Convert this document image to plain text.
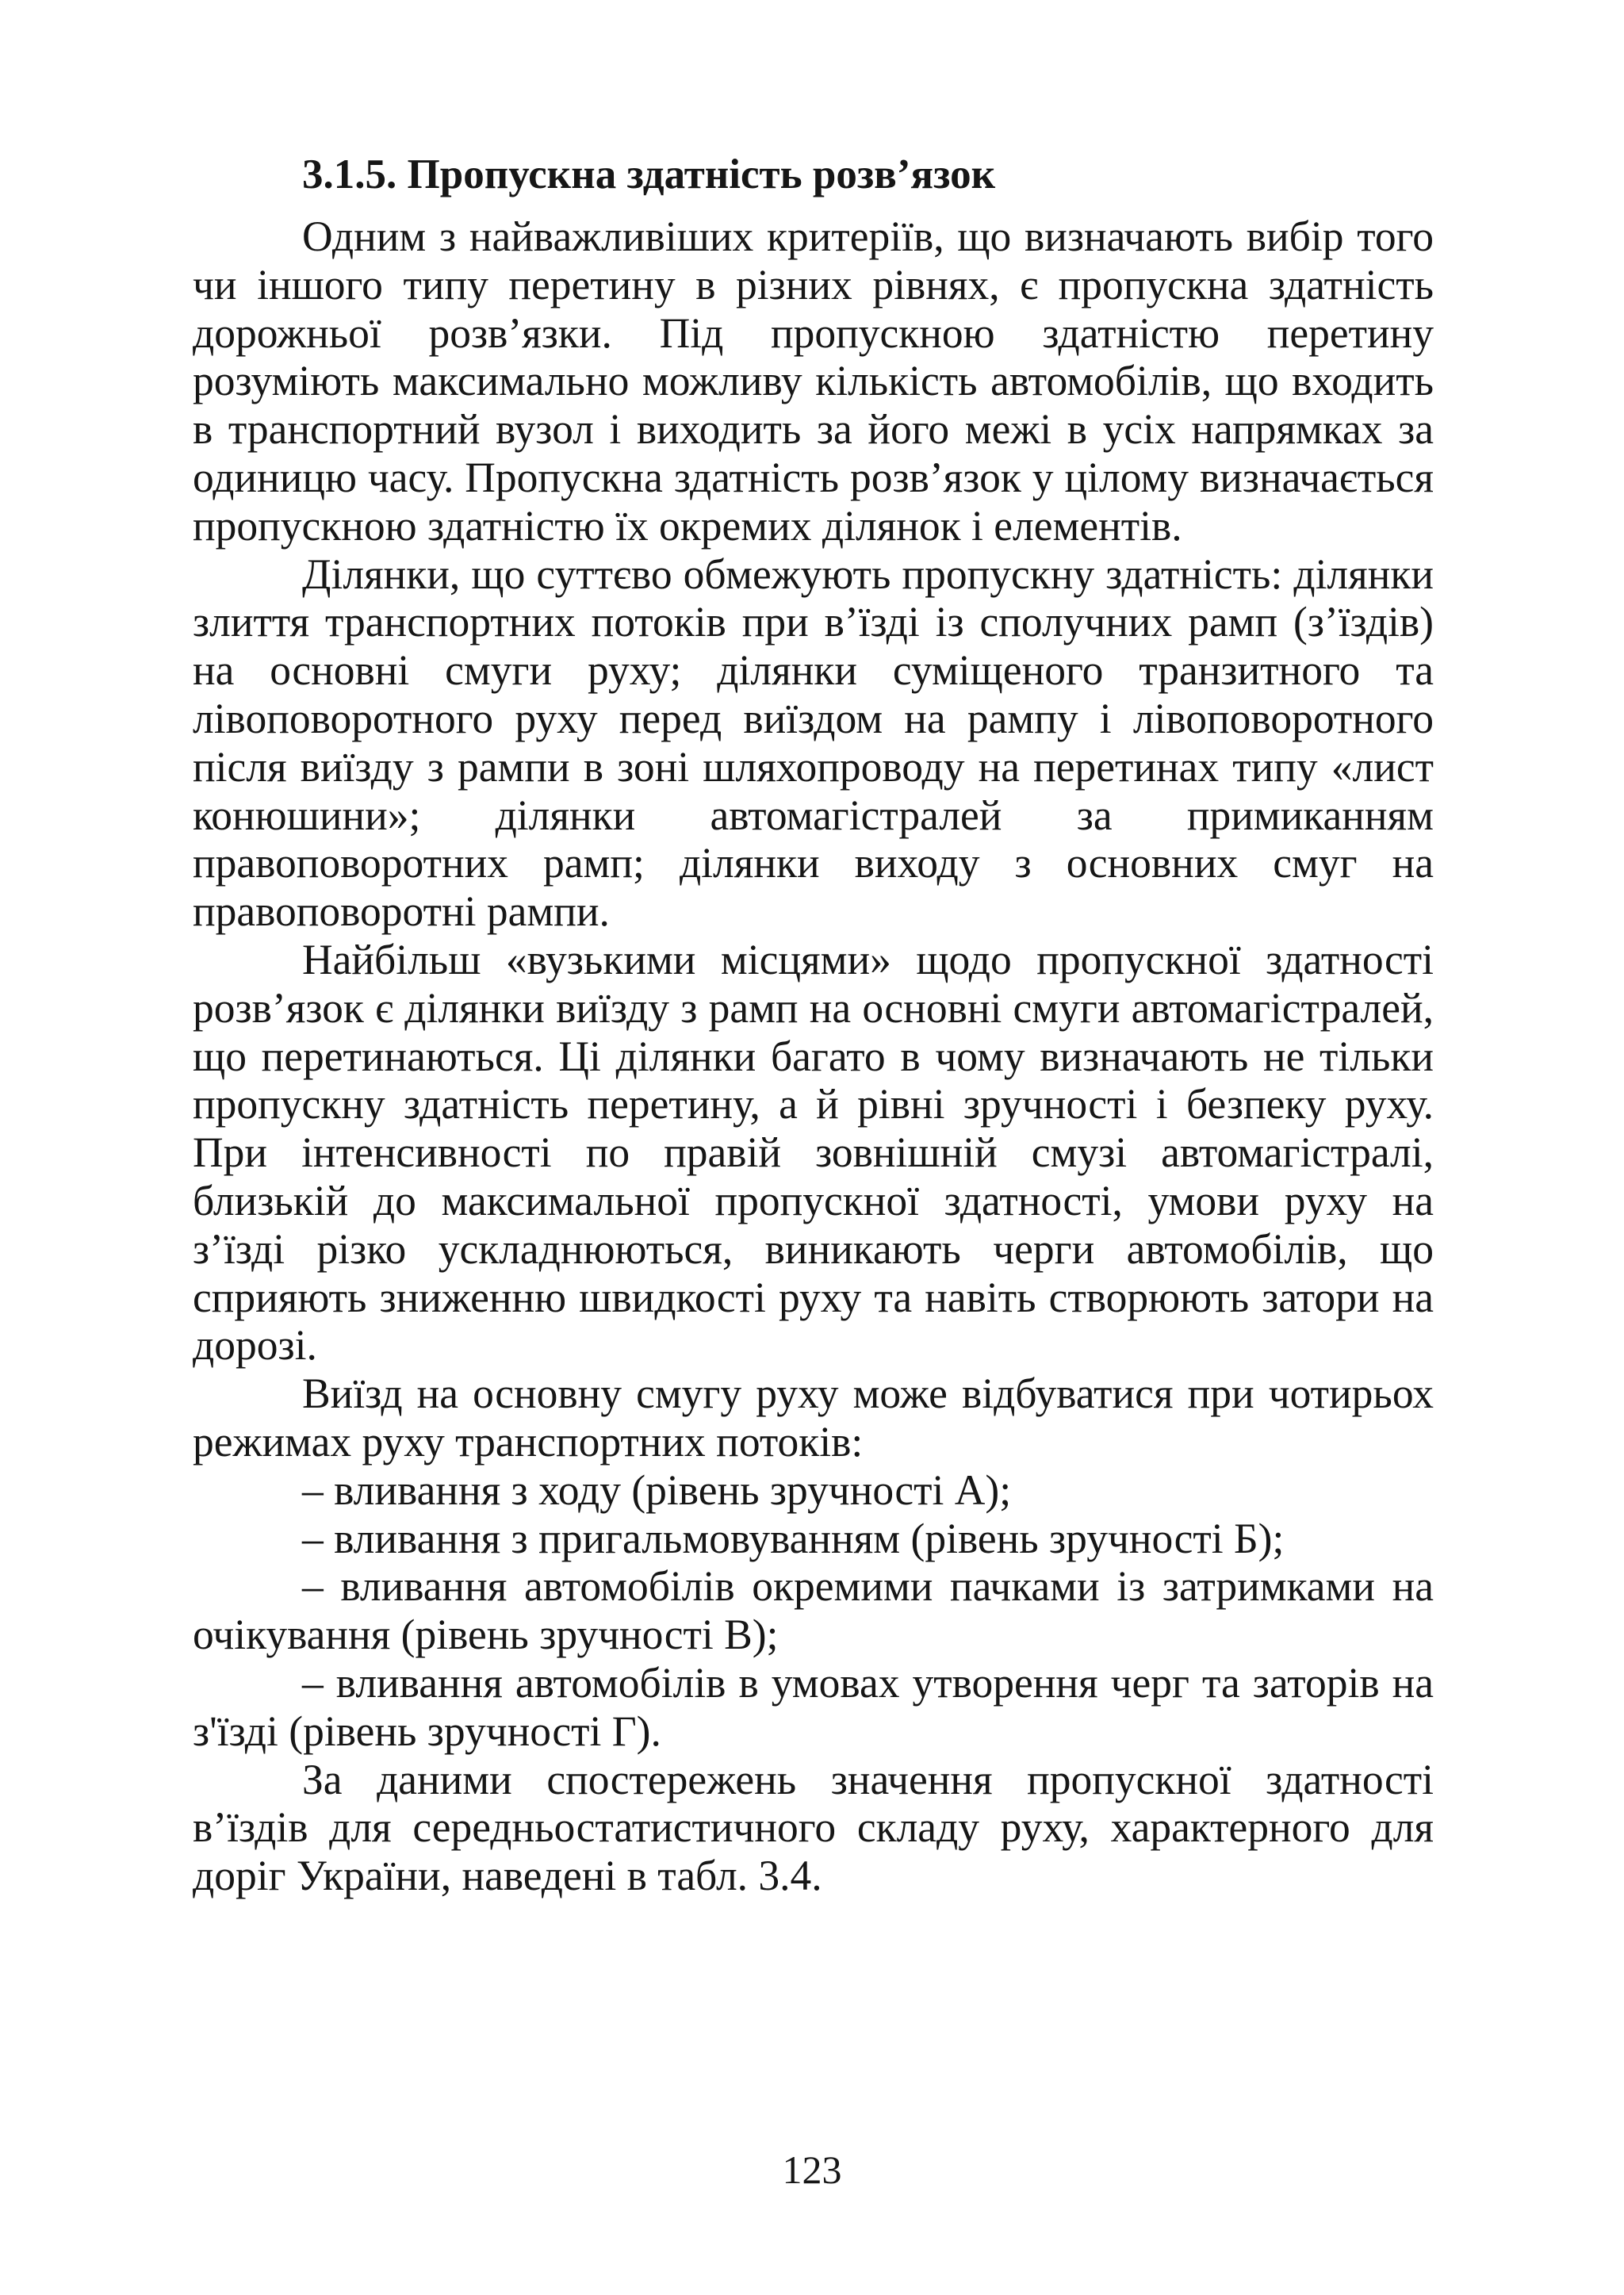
3.1.5. Пропускна здатність розв’язок

Одним з найважливіших критеріїв, що визначають вибір того чи іншого типу перетину в різних рівнях, є пропускна здатність дорожньої розв’язки. Під пропускною здатністю перетину розуміють максимально можливу кількість автомобілів, що входить в транспортний вузол і виходить за його межі в усіх напрямках за одиницю часу. Пропускна здатність розв’язок у цілому визначається пропускною здатністю їх окремих ділянок і елементів.

Ділянки, що суттєво обмежують пропускну здатність: ділянки злиття транспортних потоків при в’їзді із сполучних рамп (з’їздів) на основні смуги руху; ділянки суміщеного транзитного та лівоповоротного руху перед виїздом на рампу і лівоповоротного після виїзду з рампи в зоні шляхопроводу на перетинах типу «лист конюшини»; ділянки автомагістралей за примиканням правоповоротних рамп; ділянки виходу з основних смуг на правоповоротні рампи.

Найбільш «вузькими місцями» щодо пропускної здатності розв’язок є ділянки виїзду з рамп на основні смуги автомагістралей, що перетинаються. Ці ділянки багато в чому визначають не тільки пропускну здатність перетину, а й рівні зручності і безпеку руху. При інтенсивності по правій зовнішній смузі автомагістралі, близькій до максимальної пропускної здатності, умови руху на з’їзді різко ускладнюються, виникають черги автомобілів, що сприяють зниженню швидкості руху та навіть створюють затори на дорозі.

Виїзд на основну смугу руху може відбуватися при чотирьох режимах руху транспортних потоків:

– вливання з ходу (рівень зручності А);
– вливання з пригальмовуванням (рівень зручності Б);
– вливання автомобілів окремими пачками із затримками на очікування (рівень зручності В);
– вливання автомобілів в умовах утворення черг та заторів на з'їзді (рівень зручності Г).

За даними спостережень значення пропускної здатності в’їздів для середньостатистичного складу руху, характерного для доріг України, наведені в табл. 3.4.

123
